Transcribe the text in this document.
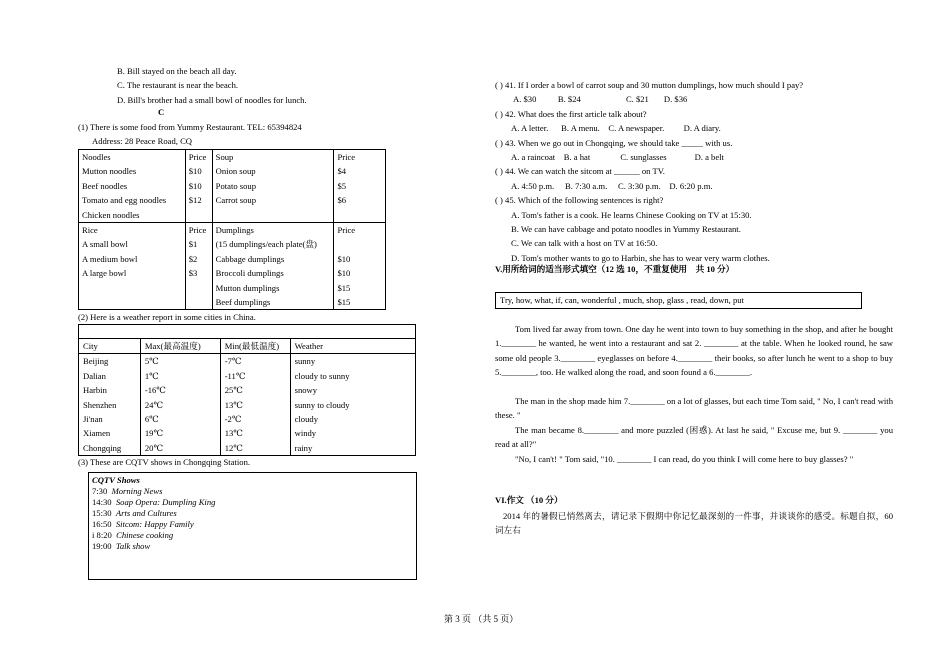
B. Bill stayed on the beach all day.
C. The restaurant is near the beach.
D. Bill's brother had a small bowl of noodles for lunch.
C
(1) There is some food from Yummy Restaurant. TEL: 65394824
Address: 28 Peace Road, CQ
Noodles	Price	Soup	Price
Mutton noodles	$10	Onion soup	$4
Beef noodles	$10	Potato soup	$5
Tomato and egg noodles	$12	Carrot soup	$6
Chicken noodles			
Rice	Price	Dumplings	Price
A small bowl	$1	(15 dumplings/each plate(盘)	
A medium bowl	$2	Cabbage dumplings	$10
A large bowl	$3	Broccoli dumplings	$10
		Mutton dumplings	$15
		Beef dumplings	$15
(2) Here is a weather report in some cities in China.

City	Max(最高温度)	Min(最低温度)	Weather
Beijing	5℃	-7℃	sunny
Dalian	1℃	-11℃	cloudy to sunny
Harbin	-16℃	25℃	snowy
Shenzhen	24℃	13℃	sunny to cloudy
Ji'nan	6℃	-2℃	cloudy
Xiamen	19℃	13℃	windy
Chongqing	20℃	12℃	rainy
(3) These are CQTV shows in Chongqing Station.
CQTV Shows
7:30 Morning News
14:30 Soap Opera: Dumpling King
15:30 Arts and Cultures
16:50 Sitcom: Happy Family
i 8:20 Chinese cooking
19:00 Talk show
( ) 41. If I order a bowl of carrot soup and 30 mutton dumplings, how much should I pay?
A. $30 B. $24	C. $21 D. $36
( ) 42. What does the first article talk about?
A. A letter. B. A menu. C. A newspaper. D. A diary.
( ) 43. When we go out in Chongqing, we should take _____ with us.
A. a raincoat B. a hat	C. sunglasses	D. a belt
( ) 44. We can watch the sitcom at ______ on TV.
A. 4:50 p.m. B. 7:30 a.m. C. 3:30 p.m. D. 6:20 p.m.
( ) 45. Which of the following sentences is right?
A. Tom's father is a cook. He learns Chinese Cooking on TV at 15:30.
B. We can have cabbage and potato noodles in Yummy Restaurant.
C. We can talk with a host on TV at 16:50.
D. Tom's mother wants to go to Harbin, she has to wear very warm clothes.
V.用所给词的适当形式填空（12 选 10，不重复使用　共 10 分）
Try, how, what, if, can, wonderful , much, shop, glass , read, down, put
Tom lived far away from town. One day he went into town to buy something in the shop, and after he bought 1.________ he wanted, he went into a restaurant and sat 2. ________ at the table. When he looked round, he saw some old people 3.________ eyeglasses on before 4.________ their books, so after lunch he went to a shop to buy 5.________, too. He walked along the road, and soon found a 6.________.
The man in the shop made him 7.________ on a lot of glasses, but each time Tom said, " No, I can't read with these. "
The man became 8.________ and more puzzled (困惑). At last he said, " Excuse me, but 9. ________ you read at all?"
"No, I can't! " Tom said, "10. ________ I can read, do you think I will come here to buy glasses? "
VI.作文 （10 分）
2014 年的暑假已悄然离去，请记录下假期中你记忆最深刻的一件事，并谈谈你的感受。标题自拟，60 词左右
第 3 页 （共 5 页）
